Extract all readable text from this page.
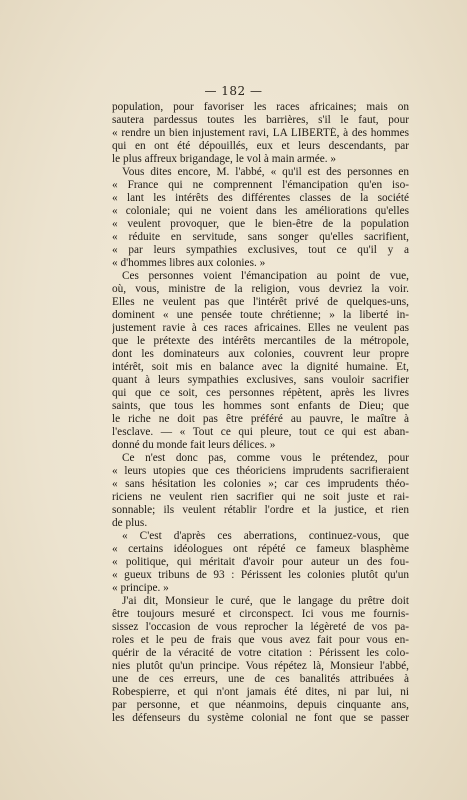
— 182 —
population, pour favoriser les races africaines; mais on
sautera pardessus toutes les barrières, s'il le faut, pour
« rendre un bien injustement ravi, LA LIBERTÉ, à des hommes
qui en ont été dépouillés, eux et leurs descendants, par
le plus affreux brigandage, le vol à main armée. »
Vous dites encore, M. l'abbé, « qu'il est des personnes en
« France qui ne comprennent l'émancipation qu'en iso-
« lant les intérêts des différentes classes de la société
« coloniale; qui ne voient dans les améliorations qu'elles
« veulent provoquer, que le bien-être de la population
« réduite en servitude, sans songer qu'elles sacrifient,
« par leurs sympathies exclusives, tout ce qu'il y a
« d'hommes libres aux colonies. »
Ces personnes voient l'émancipation au point de vue,
où, vous, ministre de la religion, vous devriez la voir.
Elles ne veulent pas que l'intérêt privé de quelques-uns,
dominent « une pensée toute chrétienne; » la liberté in-
justement ravie à ces races africaines. Elles ne veulent pas
que le prétexte des intérêts mercantiles de la métropole,
dont les dominateurs aux colonies, couvrent leur propre
intérêt, soit mis en balance avec la dignité humaine. Et,
quant à leurs sympathies exclusives, sans vouloir sacrifier
qui que ce soit, ces personnes répètent, après les livres
saints, que tous les hommes sont enfants de Dieu; que
le riche ne doit pas être préféré au pauvre, le maître à
l'esclave. — « Tout ce qui pleure, tout ce qui est aban-
donné du monde fait leurs délices. »
Ce n'est donc pas, comme vous le prétendez, pour
« leurs utopies que ces théoriciens imprudents sacrifieraient
« sans hésitation les colonies »; car ces imprudents théo-
riciens ne veulent rien sacrifier qui ne soit juste et rai-
sonnable; ils veulent rétablir l'ordre et la justice, et rien
de plus.
« C'est d'après ces aberrations, continuez-vous, que
« certains idéologues ont répété ce fameux blasphème
« politique, qui méritait d'avoir pour auteur un des fou-
« gueux tribuns de 93 : Périssent les colonies plutôt qu'un
« principe. »
J'ai dit, Monsieur le curé, que le langage du prêtre doit
être toujours mesuré et circonspect. Ici vous me fournis-
sissez l'occasion de vous reprocher la légèreté de vos pa-
roles et le peu de frais que vous avez fait pour vous en-
quérir de la véracité de votre citation : Périssent les colo-
nies plutôt qu'un principe. Vous répétez là, Monsieur l'abbé,
une de ces erreurs, une de ces banalités attribuées à
Robespierre, et qui n'ont jamais été dites, ni par lui, ni
par personne, et que néanmoins, depuis cinquante ans,
les défenseurs du système colonial ne font que se passer
